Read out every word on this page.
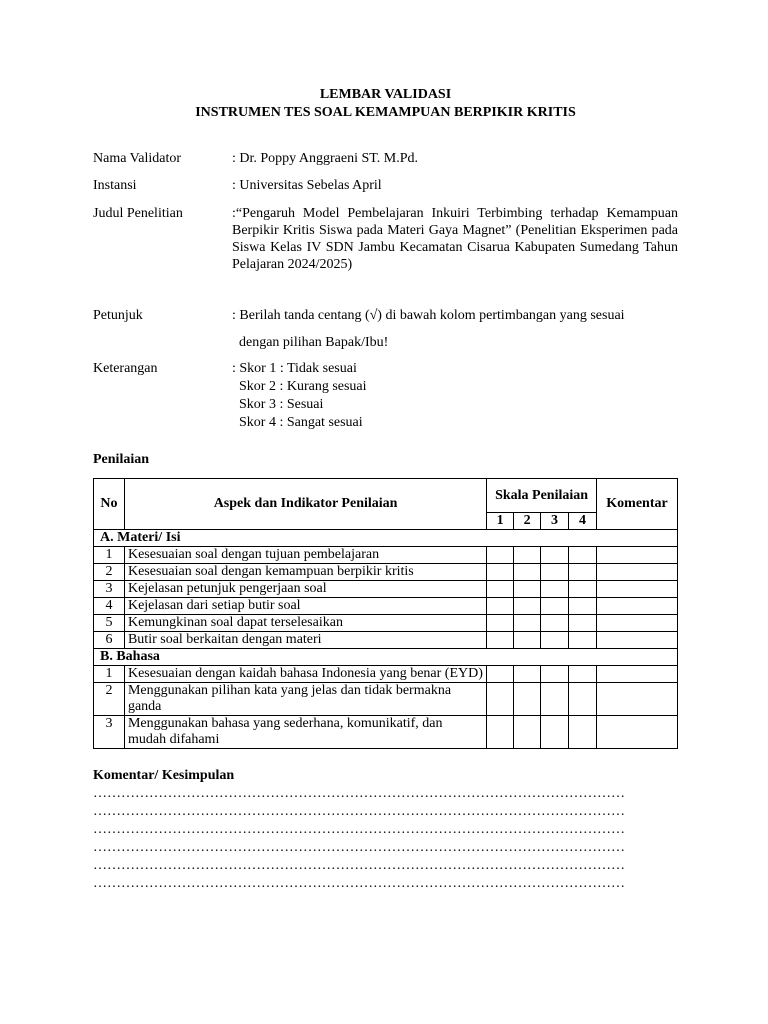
LEMBAR VALIDASI
INSTRUMEN TES SOAL KEMAMPUAN BERPIKIR KRITIS
Nama Validator	: Dr. Poppy Anggraeni ST. M.Pd.
Instansi	: Universitas Sebelas April
Judul Penelitian	:“Pengaruh Model Pembelajaran Inkuiri Terbimbing terhadap Kemampuan Berpikir Kritis Siswa pada Materi Gaya Magnet” (Penelitian Eksperimen pada Siswa Kelas IV SDN Jambu Kecamatan Cisarua Kabupaten Sumedang Tahun Pelajaran 2024/2025)
Petunjuk	: Berilah tanda centang (√) di bawah kolom pertimbangan yang sesuai
dengan pilihan Bapak/Ibu!
Keterangan	: Skor 1 : Tidak sesuai
Skor 2 : Kurang sesuai
Skor 3 : Sesuai
Skor 4 : Sangat sesuai
Penilaian
No	Aspek dan Indikator Penilaian	Skala Penilaian				Komentar
		1	2	3	4	
A. Materi/ Isi						
1	Kesesuaian soal dengan tujuan pembelajaran					
2	Kesesuaian soal dengan kemampuan berpikir kritis					
3	Kejelasan petunjuk pengerjaan soal					
4	Kejelasan dari setiap butir soal					
5	Kemungkinan soal dapat terselesaikan					
6	Butir soal berkaitan dengan materi					
B. Bahasa						
1	Kesesuaian dengan kaidah bahasa Indonesia yang benar (EYD)					
2	Menggunakan pilihan kata yang jelas dan tidak bermakna ganda					
3	Menggunakan bahasa yang sederhana, komunikatif, dan mudah difahami					
Komentar/ Kesimpulan
……………………………………………………………………………………………………
……………………………………………………………………………………………………
……………………………………………………………………………………………………
……………………………………………………………………………………………………
……………………………………………………………………………………………………
……………………………………………………………………………………………………
